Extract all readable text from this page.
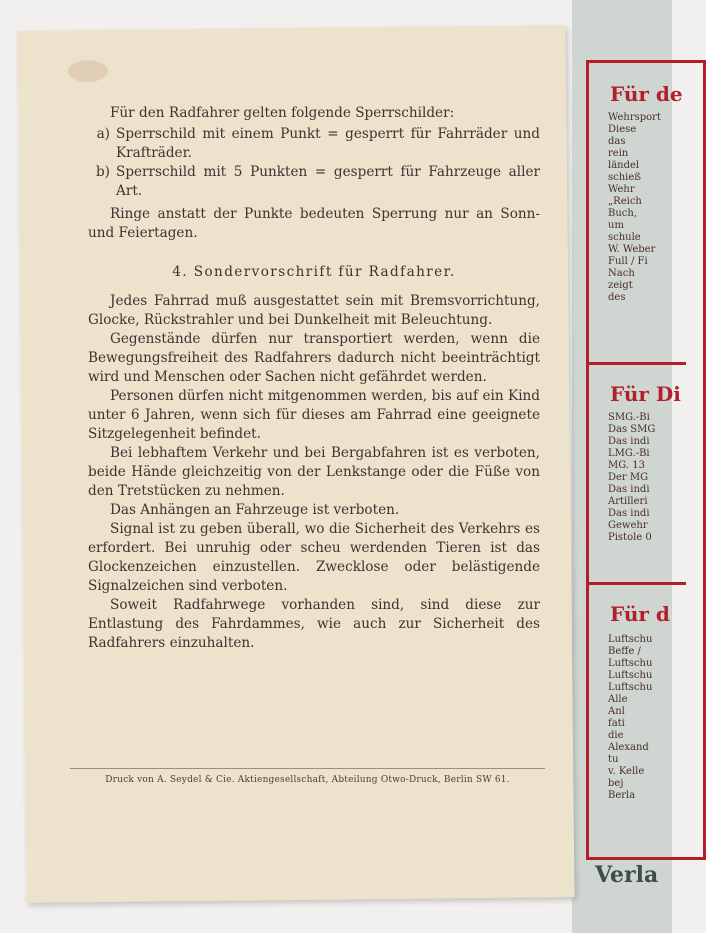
Für de
Wehrsport
Diese
das
rein
ländel
schieß
Wehr
„Reich
Buch,
um
schule
W. Weber
Full / Fi
Nach
zeigt
des
Für Di
SMG.-Bi
Das SMG
Das indi
LMG.-Bi
MG. 13
Der MG
Das indi
Artilleri
Das indi
Gewehr
Pistole 0
Für d
Luftschu
Beffe /
Luftschu
Luftschu
Luftschu
Alle
Anl
fati
die
Alexand
tu
v. Kelle
bej
Berla
Verla

Für den Radfahrer gelten folgende Sperrschilder:

a) Sperrschild mit einem Punkt = gesperrt für Fahrräder und Krafträder.
b) Sperrschild mit 5 Punkten = gesperrt für Fahrzeuge aller Art.

Ringe anstatt der Punkte bedeuten Sperrung nur an Sonn- und Feiertagen.

4. Sondervorschrift für Radfahrer.

Jedes Fahrrad muß ausgestattet sein mit Bremsvorrichtung, Glocke, Rückstrahler und bei Dunkelheit mit Beleuchtung.

Gegenstände dürfen nur transportiert werden, wenn die Bewegungsfreiheit des Radfahrers dadurch nicht beeinträchtigt wird und Menschen oder Sachen nicht gefährdet werden.

Personen dürfen nicht mitgenommen werden, bis auf ein Kind unter 6 Jahren, wenn sich für dieses am Fahrrad eine geeignete Sitzgelegenheit befindet.

Bei lebhaftem Verkehr und bei Bergabfahren ist es verboten, beide Hände gleichzeitig von der Lenkstange oder die Füße von den Tretstücken zu nehmen.

Das Anhängen an Fahrzeuge ist verboten.

Signal ist zu geben überall, wo die Sicherheit des Verkehrs es erfordert. Bei unruhig oder scheu werdenden Tieren ist das Glockenzeichen einzustellen. Zwecklose oder belästigende Signalzeichen sind verboten.

Soweit Radfahrwege vorhanden sind, sind diese zur Entlastung des Fahrdammes, wie auch zur Sicherheit des Radfahrers einzuhalten.

Druck von A. Seydel & Cie. Aktiengesellschaft, Abteilung Otwo-Druck, Berlin SW 61.
